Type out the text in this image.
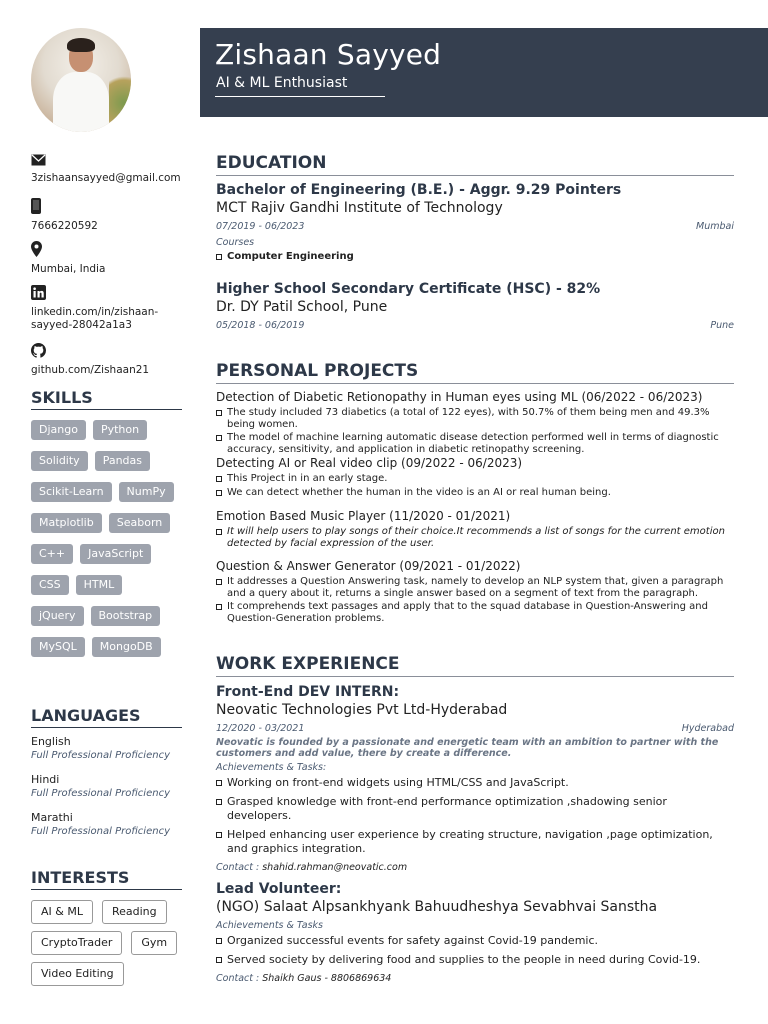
3zishaansayyed@gmail.com
7666220592
Mumbai, India
linkedin.com/in/zishaan-
sayyed-28042a1a3
github.com/Zishaan21
SKILLS
Django	Python
Solidity	Pandas
Scikit-Learn	NumPy
Matplotlib	Seaborn
C++	JavaScript
CSS	HTML
jQuery	Bootstrap
MySQL	MongoDB
LANGUAGES
English
Full Professional Proficiency
Hindi
Full Professional Proficiency
Marathi
Full Professional Proficiency
INTERESTS
AI & ML	Reading
CryptoTrader	Gym
Video Editing
Zishaan Sayyed
AI & ML Enthusiast
EDUCATION
Bachelor of Engineering (B.E.) - Aggr. 9.29 Pointers
MCT Rajiv Gandhi Institute of Technology
07/2019 - 06/2023	Mumbai
Courses
Computer Engineering
Higher School Secondary Certificate (HSC) - 82%
Dr. DY Patil School, Pune
05/2018 - 06/2019	Pune
PERSONAL PROJECTS
Detection of Diabetic Retionopathy in Human eyes using ML (06/2022 - 06/2023)
The study included 73 diabetics (a total of 122 eyes), with 50.7% of them being men and 49.3% being women.
The model of machine learning automatic disease detection performed well in terms of diagnostic accuracy, sensitivity, and application in diabetic retinopathy screening.
Detecting AI or Real video clip (09/2022 - 06/2023)
This Project in in an early stage.
We can detect whether the human in the video is an AI or real human being.
Emotion Based Music Player (11/2020 - 01/2021)
It will help users to play songs of their choice.It recommends a list of songs for the current emotion detected by facial expression of the user.
Question & Answer Generator (09/2021 - 01/2022)
It addresses a Question Answering task, namely to develop an NLP system that, given a paragraph and a query about it, returns a single answer based on a segment of text from the paragraph.
It comprehends text passages and apply that to the squad database in Question-Answering and Question-Generation problems.
WORK EXPERIENCE
Front-End DEV INTERN:
Neovatic Technologies Pvt Ltd-Hyderabad
12/2020 - 03/2021	Hyderabad
Neovatic is founded by a passionate and energetic team with an ambition to partner with the customers and add value, there by create a difference.
Achievements & Tasks:
Working on front-end widgets using HTML/CSS and JavaScript.
Grasped knowledge with front-end performance optimization ,shadowing senior developers.
Helped enhancing user experience by creating structure, navigation ,page optimization, and graphics integration.
Contact : shahid.rahman@neovatic.com
Lead Volunteer:
(NGO) Salaat Alpsankhyank Bahuudheshya Sevabhvai Sanstha
Achievements & Tasks
Organized successful events for safety against Covid-19 pandemic.
Served society by delivering food and supplies to the people in need during Covid-19.
Contact : Shaikh Gaus - 8806869634
